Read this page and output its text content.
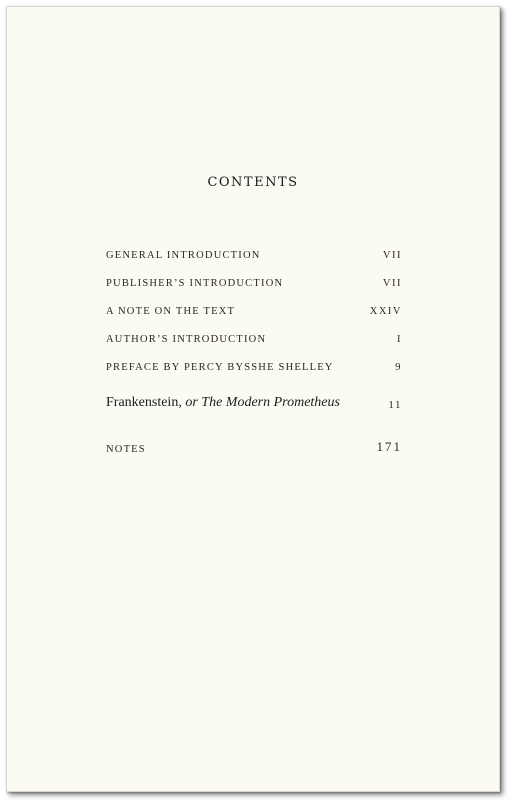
CONTENTS
GENERAL INTRODUCTION	VII
PUBLISHER’S INTRODUCTION	VII
A NOTE ON THE TEXT	XXIV
AUTHOR’S INTRODUCTION	I
PREFACE BY PERCY BYSSHE SHELLEY	9
Frankenstein, or The Modern Prometheus	11
NOTES	171
